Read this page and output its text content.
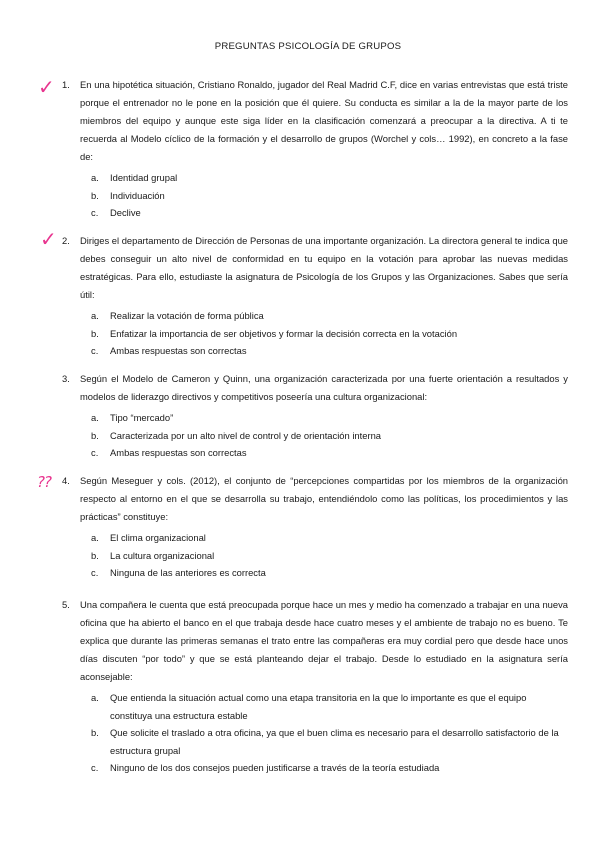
PREGUNTAS PSICOLOGÍA DE GRUPOS
✓
✓
??
1. En una hipotética situación, Cristiano Ronaldo, jugador del Real Madrid C.F, dice en varias entrevistas que está triste porque el entrenador no le pone en la posición que él quiere. Su conducta es similar a la de la mayor parte de los miembros del equipo y aunque este siga líder en la clasificación comenzará a preocupar a la directiva. A ti te recuerda al Modelo cíclico de la formación y el desarrollo de grupos (Worchel y cols… 1992), en concreto a la fase de:
a. Identidad grupal
b. Individuación
c. Declive
2. Diriges el departamento de Dirección de Personas de una importante organización. La directora general te indica que debes conseguir un alto nivel de conformidad en tu equipo en la votación para aprobar las nuevas medidas estratégicas. Para ello, estudiaste la asignatura de Psicología de los Grupos y las Organizaciones. Sabes que sería útil:
a. Realizar la votación de forma pública
b. Enfatizar la importancia de ser objetivos y formar la decisión correcta en la votación
c. Ambas respuestas son correctas
3. Según el Modelo de Cameron y Quinn, una organización caracterizada por una fuerte orientación a resultados y modelos de liderazgo directivos y competitivos poseería una cultura organizacional:
a. Tipo “mercado”
b. Caracterizada por un alto nivel de control y de orientación interna
c. Ambas respuestas son correctas
4. Según Meseguer y cols. (2012), el conjunto de “percepciones compartidas por los miembros de la organización respecto al entorno en el que se desarrolla su trabajo, entendiéndolo como las políticas, los procedimientos y las prácticas” constituye:
a. El clima organizacional
b. La cultura organizacional
c. Ninguna de las anteriores es correcta
5. Una compañera le cuenta que está preocupada porque hace un mes y medio ha comenzado a trabajar en una nueva oficina que ha abierto el banco en el que trabaja desde hace cuatro meses y el ambiente de trabajo no es bueno. Te explica que durante las primeras semanas el trato entre las compañeras era muy cordial pero que desde hace unos días discuten “por todo” y que se está planteando dejar el trabajo. Desde lo estudiado en la asignatura sería aconsejable:
a. Que entienda la situación actual como una etapa transitoria en la que lo importante es que el equipo constituya una estructura estable
b. Que solicite el traslado a otra oficina, ya que el buen clima es necesario para el desarrollo satisfactorio de la estructura grupal
c. Ninguno de los dos consejos pueden justificarse a través de la teoría estudiada
